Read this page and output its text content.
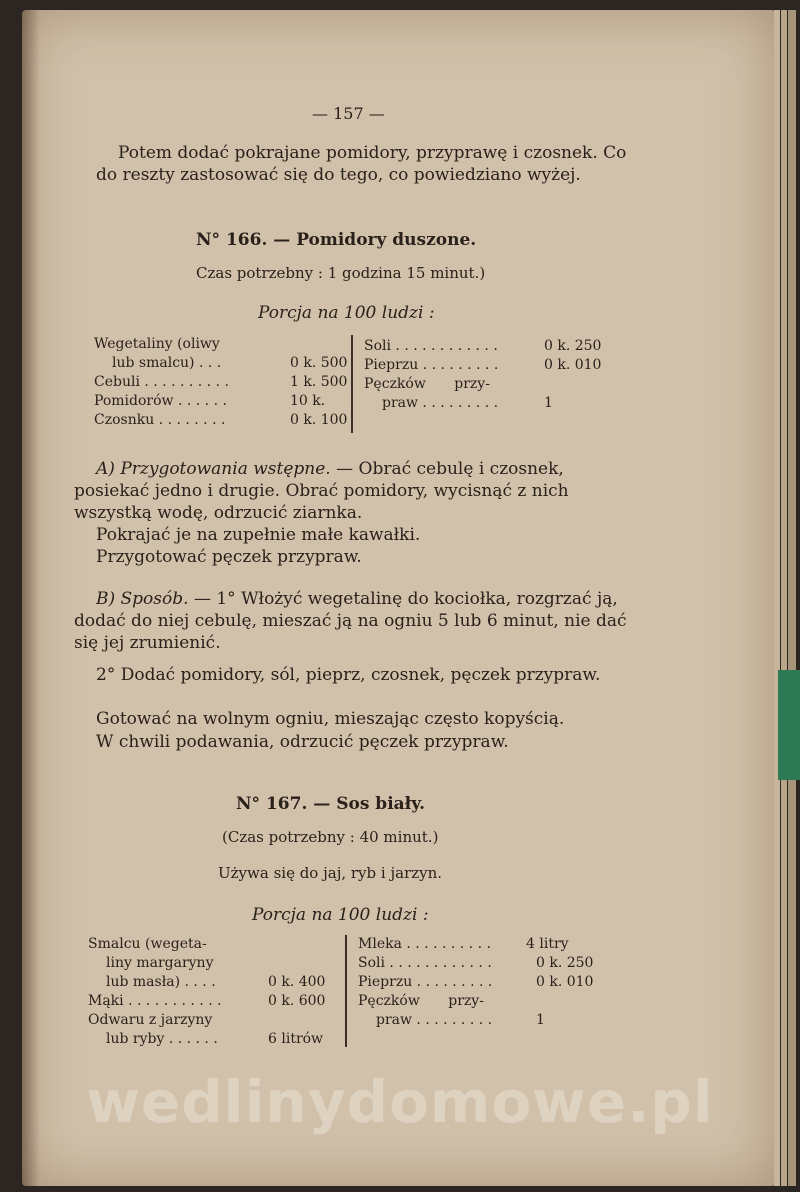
— 157 —
Potem dodać pokrajane pomidory, przyprawę i czosnek. Co do reszty zastosować się do tego, co powiedziano wyżej.
N° 166. — Pomidory duszone.
Czas potrzebny : 1 godzina 15 minut.)
Porcja na 100 ludzi :
Wegetaliny (oliwy
lub smalcu) . . .	0 k. 500
Cebuli . . . . . . . . . .	1 k. 500
Pomidorów . . . . . .	10 k.
Czosnku . . . . . . . .	0 k. 100
Soli . . . . . . . . . . . .	0 k. 250
Pieprzu . . . . . . . . .	0 k. 010
Pęczków przy-
praw . . . . . . . . .	1
A) Przygotowania wstępne. — Obrać cebulę i czosnek, posiekać jedno i drugie. Obrać pomidory, wycisnąć z nich wszystką wodę, odrzucić ziarnka.
Pokrajać je na zupełnie małe kawałki.
Przygotować pęczek przypraw.
B) Sposób. — 1° Włożyć wegetalinę do kociołka, rozgrzać ją, dodać do niej cebulę, mieszać ją na ogniu 5 lub 6 minut, nie dać się jej zrumienić.
2° Dodać pomidory, sól, pieprz, czosnek, pęczek przypraw.
Gotować na wolnym ogniu, mieszając często kopyścią.
W chwili podawania, odrzucić pęczek przypraw.
N° 167. — Sos biały.
(Czas potrzebny : 40 minut.)
Używa się do jaj, ryb i jarzyn.
Porcja na 100 ludzi :
Smalcu (wegeta-
liny margaryny
lub masła) . . . .	0 k. 400
Mąki . . . . . . . . . . .	0 k. 600
Odwaru z jarzyny
lub ryby . . . . . .	6 litrów
Mleka . . . . . . . . . .	4 litry
Soli . . . . . . . . . . . .	0 k. 250
Pieprzu . . . . . . . . .	0 k. 010
Pęczków przy-
praw . . . . . . . . .	1
wedlinydomowe.pl
